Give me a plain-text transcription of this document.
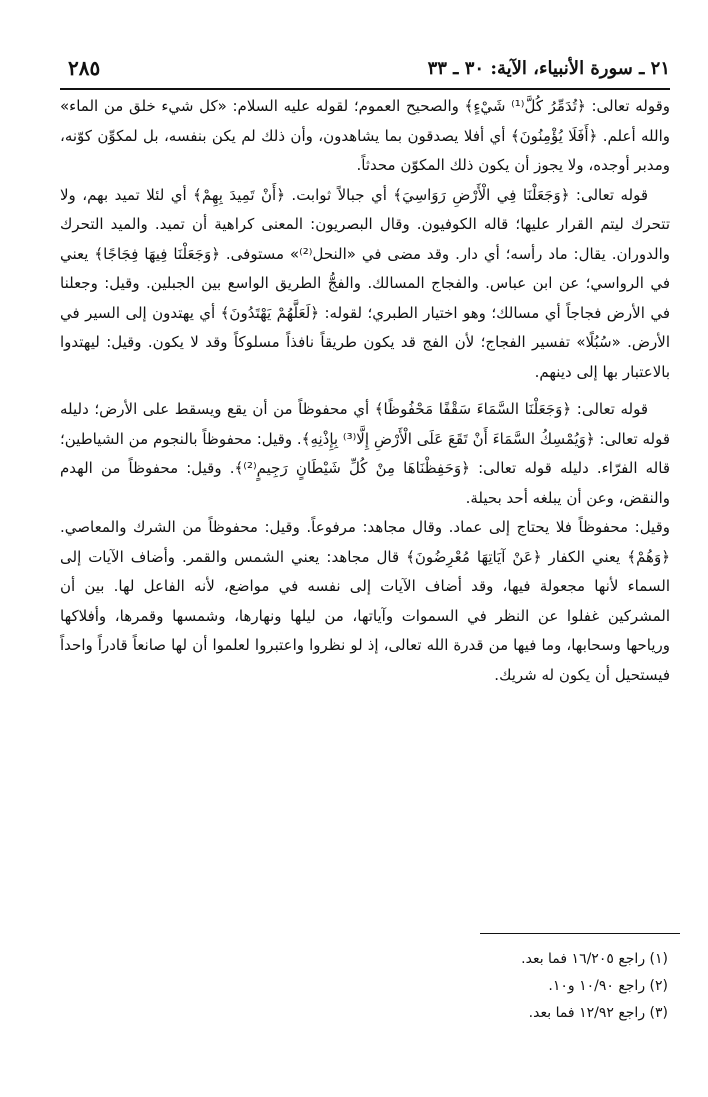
٢١ ـ سورة الأنبياء، الآية: ٣٠ ـ ٣٣
٢٨٥

وقوله تعالى: ﴿تُدَمِّرُ كُلَّ⁽¹⁾ شَيْءٍ﴾ والصحيح العموم؛ لقوله عليه السلام: «كل شيء خلق من الماء» والله أعلم. ﴿أَفَلَا يُؤْمِنُونَ﴾ أي أفلا يصدقون بما يشاهدون، وأن ذلك لم يكن بنفسه، بل لمكوِّن كوّنه، ومدبر أوجده، ولا يجوز أن يكون ذلك المكوّن محدثاً.

قوله تعالى: ﴿وَجَعَلْنَا فِي الْأَرْضِ رَوَاسِيَ﴾ أي جبالاً ثوابت. ﴿أَنْ تَمِيدَ بِهِمْ﴾ أي لئلا تميد بهم، ولا تتحرك ليتم القرار عليها؛ قاله الكوفيون. وقال البصريون: المعنى كراهية أن تميد. والميد التحرك والدوران. يقال: ماد رأسه؛ أي دار. وقد مضى في «النحل⁽²⁾» مستوفى. ﴿وَجَعَلْنَا فِيهَا فِجَاجًا﴾ يعني في الرواسي؛ عن ابن عباس. والفجاج المسالك. والفجُّ الطريق الواسع بين الجبلين. وقيل: وجعلنا في الأرض فجاجاً أي مسالك؛ وهو اختيار الطبري؛ لقوله: ﴿لَعَلَّهُمْ يَهْتَدُونَ﴾ أي يهتدون إلى السير في الأرض. «سُبُلًا» تفسير الفجاج؛ لأن الفج قد يكون طريقاً نافذاً مسلوكاً وقد لا يكون. وقيل: ليهتدوا بالاعتبار بها إلى دينهم.

قوله تعالى: ﴿وَجَعَلْنَا السَّمَاءَ سَقْفًا مَحْفُوظًا﴾ أي محفوظاً من أن يقع ويسقط على الأرض؛ دليله قوله تعالى: ﴿وَيُمْسِكُ السَّمَاءَ أَنْ تَقَعَ عَلَى الْأَرْضِ إِلَّا⁽³⁾ بِإِذْنِهِ﴾. وقيل: محفوظاً بالنجوم من الشياطين؛ قاله الفرّاء. دليله قوله تعالى: ﴿وَحَفِظْنَاهَا مِنْ كُلِّ شَيْطَانٍ رَجِيمٍ⁽²⁾﴾. وقيل: محفوظاً من الهدم والنقض، وعن أن يبلغه أحد بحيلة.

وقيل: محفوظاً فلا يحتاج إلى عماد. وقال مجاهد: مرفوعاً. وقيل: محفوظاً من الشرك والمعاصي. ﴿وَهُمْ﴾ يعني الكفار ﴿عَنْ آيَاتِهَا مُعْرِضُونَ﴾ قال مجاهد: يعني الشمس والقمر. وأضاف الآيات إلى السماء لأنها مجعولة فيها، وقد أضاف الآيات إلى نفسه في مواضع، لأنه الفاعل لها. بين أن المشركين غفلوا عن النظر في السموات وآياتها، من ليلها ونهارها، وشمسها وقمرها، وأفلاكها ورياحها وسحابها، وما فيها من قدرة الله تعالى، إذ لو نظروا واعتبروا لعلموا أن لها صانعاً قادراً واحداً فيستحيل أن يكون له شريك.

(١) راجع ١٦/٢٠٥ فما بعد.
(٢) راجع ١٠/٩٠ و١٠.
(٣) راجع ١٢/٩٢ فما بعد.
